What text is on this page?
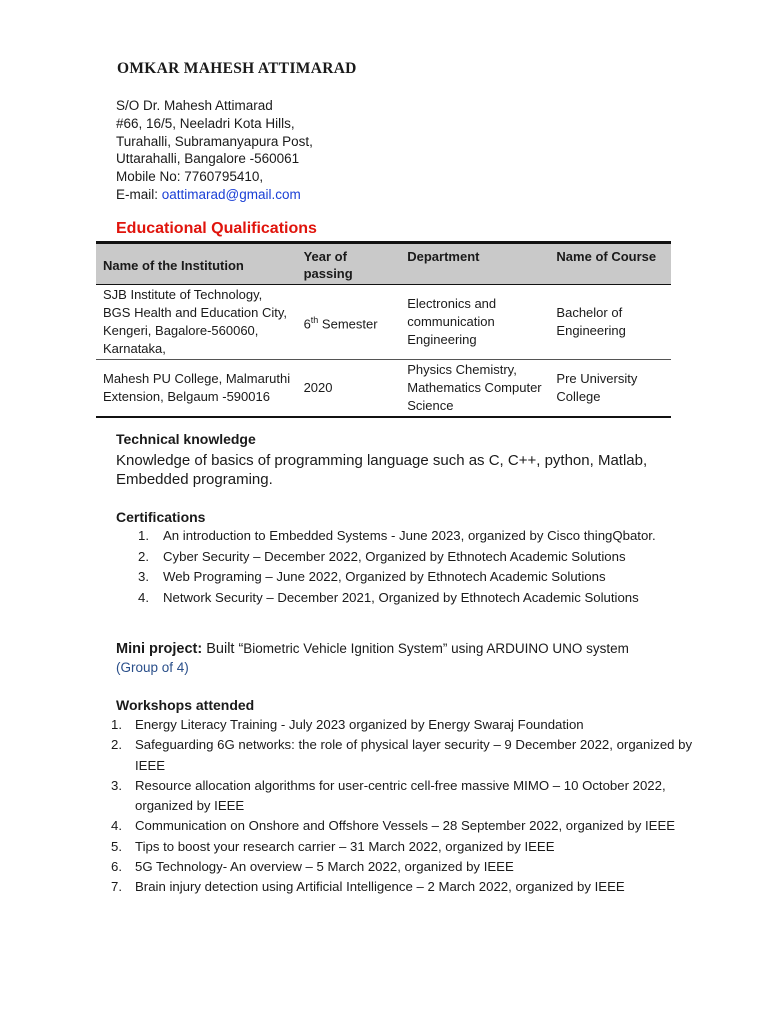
OMKAR MAHESH ATTIMARAD
S/O Dr. Mahesh Attimarad
#66, 16/5, Neeladri Kota Hills,
Turahalli, Subramanyapura Post,
Uttarahalli, Bangalore -560061
Mobile No: 7760795410,
E-mail: oattimarad@gmail.com
Educational Qualifications
Name of the Institution	Year of passing	Department	Name of Course
SJB Institute of Technology, BGS Health and Education City, Kengeri, Bagalore-560060, Karnataka,	6th Semester	Electronics and communication Engineering	Bachelor of Engineering
Mahesh PU College, Malmaruthi Extension, Belgaum -590016	2020	Physics Chemistry, Mathematics Computer Science	Pre University College
Technical knowledge
Knowledge of basics of programming language such as C, C++, python, Matlab, Embedded programing.
Certifications
1. An introduction to Embedded Systems - June 2023, organized by Cisco thingQbator.
2. Cyber Security – December 2022, Organized by Ethnotech Academic Solutions
3. Web Programing – June 2022, Organized by Ethnotech Academic Solutions
4. Network Security – December 2021, Organized by Ethnotech Academic Solutions
Mini project: Built “Biometric Vehicle Ignition System” using ARDUINO UNO system
(Group of 4)
Workshops attended
1. Energy Literacy Training - July 2023 organized by Energy Swaraj Foundation
2. Safeguarding 6G networks: the role of physical layer security – 9 December 2022, organized by IEEE
3. Resource allocation algorithms for user-centric cell-free massive MIMO – 10 October 2022, organized by IEEE
4. Communication on Onshore and Offshore Vessels – 28 September 2022, organized by IEEE
5. Tips to boost your research carrier – 31 March 2022, organized by IEEE
6. 5G Technology- An overview – 5 March 2022, organized by IEEE
7. Brain injury detection using Artificial Intelligence – 2 March 2022, organized by IEEE
